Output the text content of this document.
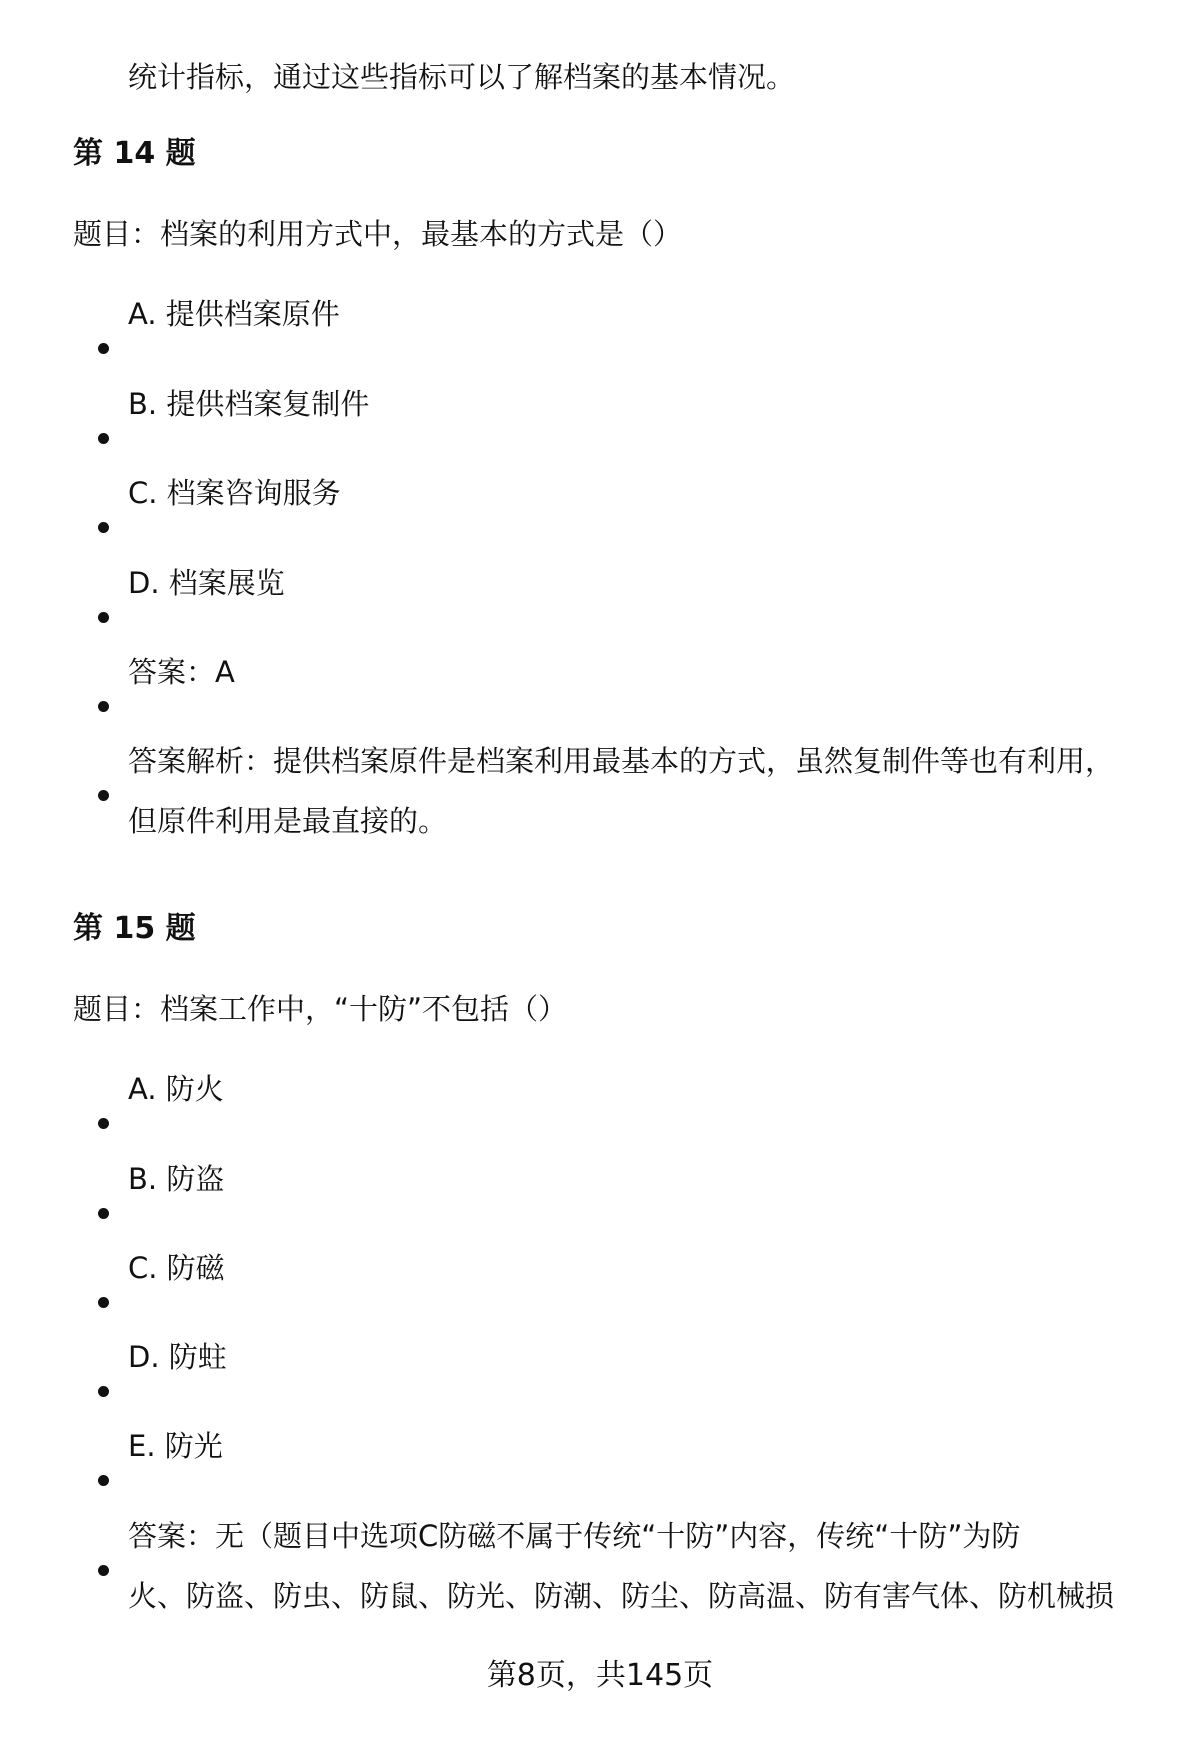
统计指标，通过这些指标可以了解档案的基本情况。
第 14 题
题目：档案的利用方式中，最基本的方式是（）
A. 提供档案原件
B. 提供档案复制件
C. 档案咨询服务
D. 档案展览
答案：A
答案解析：提供档案原件是档案利用最基本的方式，虽然复制件等也有利用，
但原件利用是最直接的。
第 15 题
题目：档案工作中，“十防”不包括（）
A. 防火
B. 防盗
C. 防磁
D. 防蛀
E. 防光
答案：无（题目中选项C防磁不属于传统“十防”内容，传统“十防”为防
火、防盗、防虫、防鼠、防光、防潮、防尘、防高温、防有害气体、防机械损
第8页，共145页
